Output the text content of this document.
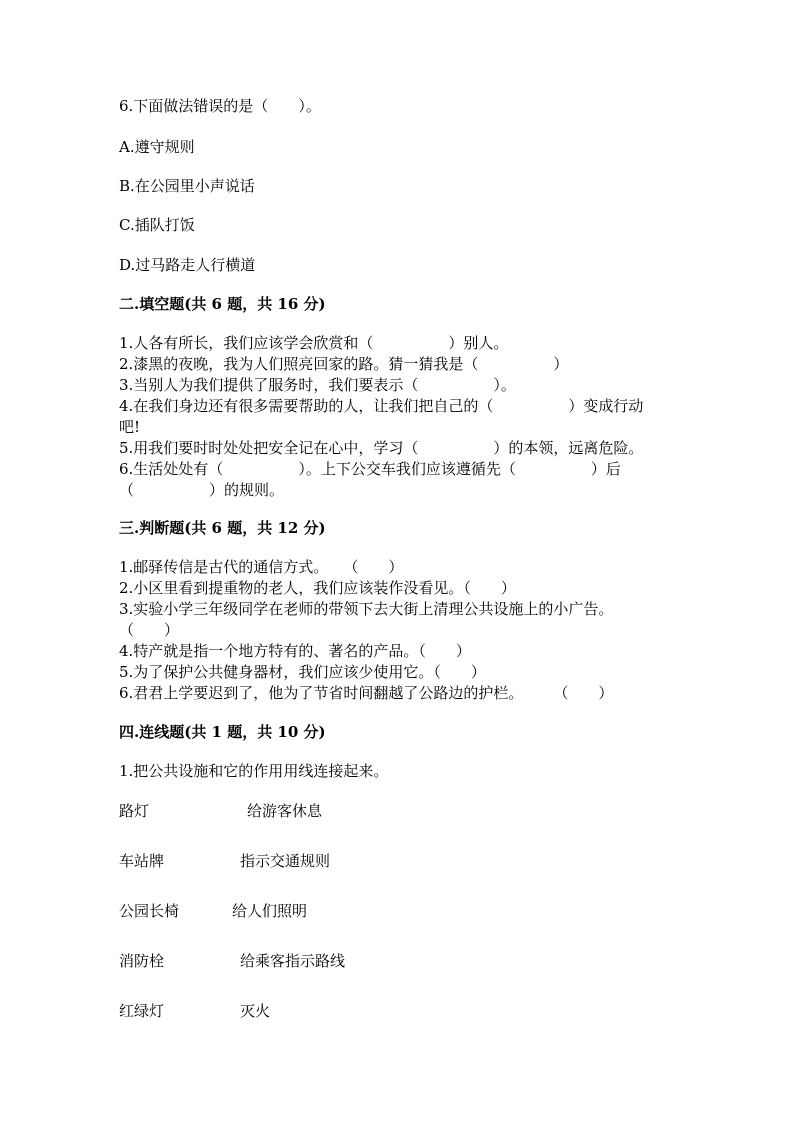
6.下面做法错误的是（　　）。

A.遵守规则

B.在公园里小声说话

C.插队打饭

D.过马路走人行横道

二.填空题(共 6 题，共 16 分)

1.人各有所长，我们应该学会欣赏和（　　　　　）别人。

2.漆黑的夜晚，我为人们照亮回家的路。猜一猜我是（　　　　　）

3.当别人为我们提供了服务时，我们要表示（　　　　　）。

4.在我们身边还有很多需要帮助的人，让我们把自己的（　　　　　）变成行动

吧!

5.用我们要时时处处把安全记在心中，学习（　　　　　）的本领，远离危险。

6.生活处处有（　　　　　）。上下公交车我们应该遵循先（　　　　　）后

（　　　　　）的规则。

三.判断题(共 6 题，共 12 分)

1.邮驿传信是古代的通信方式。　　（　　）

2.小区里看到提重物的老人，我们应该装作没看见。（　　）

3.实验小学三年级同学在老师的带领下去大街上清理公共设施上的小广告。

（　　）

4.特产就是指一个地方特有的、著名的产品。（　　）

5.为了保护公共健身器材，我们应该少使用它。（　　）

6.君君上学要迟到了，他为了节省时间翻越了公路边的护栏。　　　（　　）

四.连线题(共 1 题，共 10 分)

1.把公共设施和它的作用用线连接起来。

路灯	给游客休息
车站牌	指示交通规则
公园长椅	给人们照明
消防栓	给乘客指示路线
红绿灯	灭火
